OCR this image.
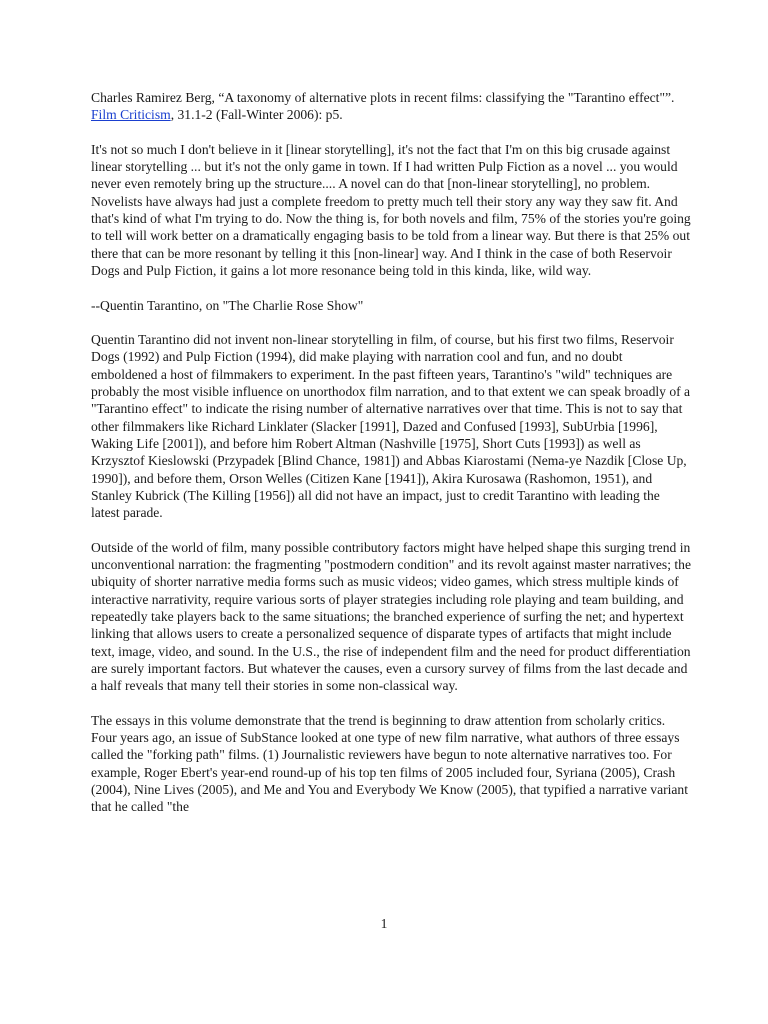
Charles Ramirez Berg, “A taxonomy of alternative plots in recent films: classifying the "Tarantino effect"”. Film Criticism, 31.1-2 (Fall-Winter 2006): p5.

It's not so much I don't believe in it [linear storytelling], it's not the fact that I'm on this big crusade against linear storytelling ... but it's not the only game in town. If I had written Pulp Fiction as a novel ... you would never even remotely bring up the structure.... A novel can do that [non-linear storytelling], no problem. Novelists have always had just a complete freedom to pretty much tell their story any way they saw fit. And that's kind of what I'm trying to do. Now the thing is, for both novels and film, 75% of the stories you're going to tell will work better on a dramatically engaging basis to be told from a linear way. But there is that 25% out there that can be more resonant by telling it this [non-linear] way. And I think in the case of both Reservoir Dogs and Pulp Fiction, it gains a lot more resonance being told in this kinda, like, wild way.

--Quentin Tarantino, on "The Charlie Rose Show"

Quentin Tarantino did not invent non-linear storytelling in film, of course, but his first two films, Reservoir Dogs (1992) and Pulp Fiction (1994), did make playing with narration cool and fun, and no doubt emboldened a host of filmmakers to experiment. In the past fifteen years, Tarantino's "wild" techniques are probably the most visible influence on unorthodox film narration, and to that extent we can speak broadly of a "Tarantino effect" to indicate the rising number of alternative narratives over that time. This is not to say that other filmmakers like Richard Linklater (Slacker [1991], Dazed and Confused [1993], SubUrbia [1996], Waking Life [2001]), and before him Robert Altman (Nashville [1975], Short Cuts [1993]) as well as Krzysztof Kieslowski (Przypadek [Blind Chance, 1981]) and Abbas Kiarostami (Nema-ye Nazdik [Close Up, 1990]), and before them, Orson Welles (Citizen Kane [1941]), Akira Kurosawa (Rashomon, 1951), and Stanley Kubrick (The Killing [1956]) all did not have an impact, just to credit Tarantino with leading the latest parade.

Outside of the world of film, many possible contributory factors might have helped shape this surging trend in unconventional narration: the fragmenting "postmodern condition" and its revolt against master narratives; the ubiquity of shorter narrative media forms such as music videos; video games, which stress multiple kinds of interactive narrativity, require various sorts of player strategies including role playing and team building, and repeatedly take players back to the same situations; the branched experience of surfing the net; and hypertext linking that allows users to create a personalized sequence of disparate types of artifacts that might include text, image, video, and sound. In the U.S., the rise of independent film and the need for product differentiation are surely important factors. But whatever the causes, even a cursory survey of films from the last decade and a half reveals that many tell their stories in some non-classical way.

The essays in this volume demonstrate that the trend is beginning to draw attention from scholarly critics. Four years ago, an issue of SubStance looked at one type of new film narrative, what authors of three essays called the "forking path" films. (1) Journalistic reviewers have begun to note alternative narratives too. For example, Roger Ebert's year-end round-up of his top ten films of 2005 included four, Syriana (2005), Crash (2004), Nine Lives (2005), and Me and You and Everybody We Know (2005), that typified a narrative variant that he called "the

1
